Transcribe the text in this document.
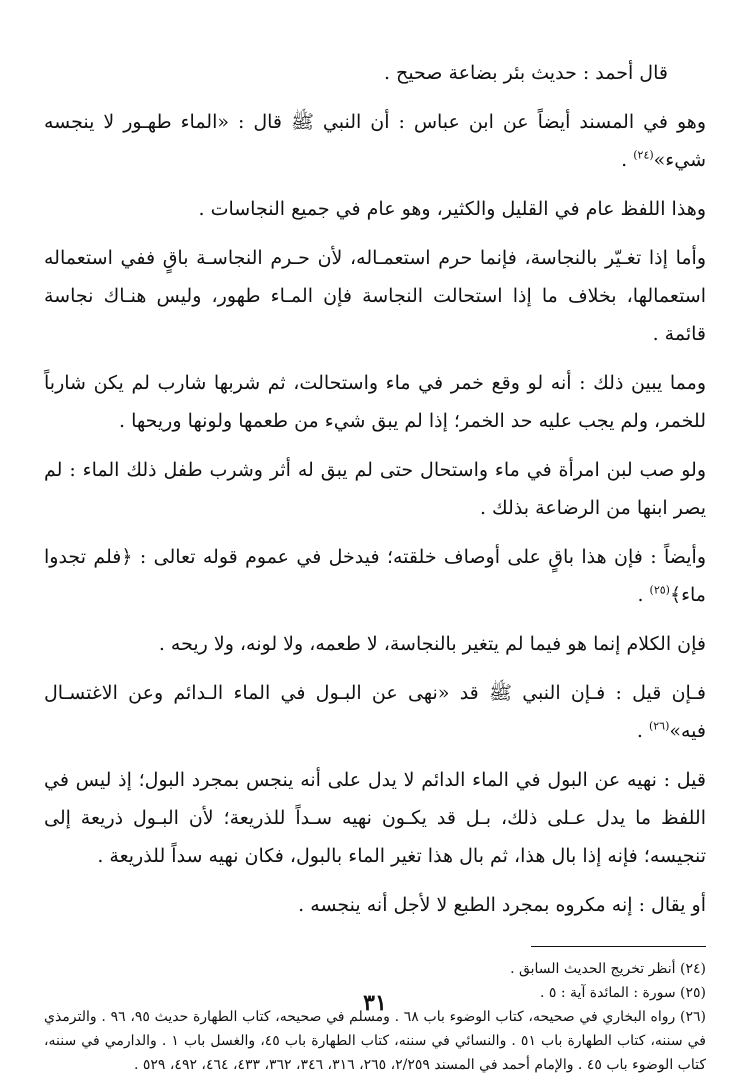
قال أحمد : حديث بئر بضاعة صحيح .

وهو في المسند أيضاً عن ابن عباس : أن النبي ﷺ قال : «الماء طهـور لا ينجسه شيء»$^{(٢٤)}$ .

وهذا اللفظ عام في القليل والكثير، وهو عام في جميع النجاسات .

وأما إذا تغـيّر بالنجاسة، فإنما حرم استعمـاله، لأن حـرم النجاسـة باقٍ ففي استعماله استعمالها، بخلاف ما إذا استحالت النجاسة فإن المـاء طهور، وليس هنـاك نجاسة قائمة .

ومما يبين ذلك : أنه لو وقع خمر في ماء واستحالت، ثم شربها شارب لم يكن شارباً للخمر، ولم يجب عليه حد الخمر؛ إذا لم يبق شيء من طعمها ولونها وريحها .

ولو صب لبن امرأة في ماء واستحال حتى لم يبق له أثر وشرب طفل ذلك الماء : لم يصر ابنها من الرضاعة بذلك .

وأيضاً : فإن هذا باقٍ على أوصاف خلقته؛ فيدخل في عموم قوله تعالى : ﴿فلم تجدوا ماء﴾$^{(٢٥)}$ .

فإن الكلام إنما هو فيما لم يتغير بالنجاسة، لا طعمه، ولا لونه، ولا ريحه .

فـإن قيل : فـإن النبي ﷺ قد «نهى عن البـول في الماء الـدائم وعن الاغتسـال فيه»$^{(٢٦)}$ .

قيل : نهيه عن البول في الماء الدائم لا يدل على أنه ينجس بمجرد البول؛ إذ ليس في اللفظ ما يدل عـلى ذلك، بـل قد يكـون نهيه سـداً للذريعة؛ لأن البـول ذريعة إلى تنجيسه؛ فإنه إذا بال هذا، ثم بال هذا تغير الماء بالبول، فكان نهيه سداً للذريعة .

أو يقال : إنه مكروه بمجرد الطبع لا لأجل أنه ينجسه .

(٢٤) أنظر تخريج الحديث السابق .

(٢٥) سورة : المائدة آية : ٥ .

(٢٦) رواه البخاري في صحيحه، كتاب الوضوء باب ٦٨ . ومسلم في صحيحه، كتاب الطهارة حديث ٩٥، ٩٦ . والترمذي في سننه، كتاب الطهارة باب ٥١ . والنسائي في سننه، كتاب الطهارة باب ٤٥، والغسل باب ١ . والدارمي في سننه، كتاب الوضوء باب ٤٥ . والإمام أحمد في المسند ٢/٢٥٩، ٢٦٥، ٣١٦، ٣٤٦، ٣٦٢، ٤٣٣، ٤٦٤، ٤٩٢، ٥٢٩ .

٣١
